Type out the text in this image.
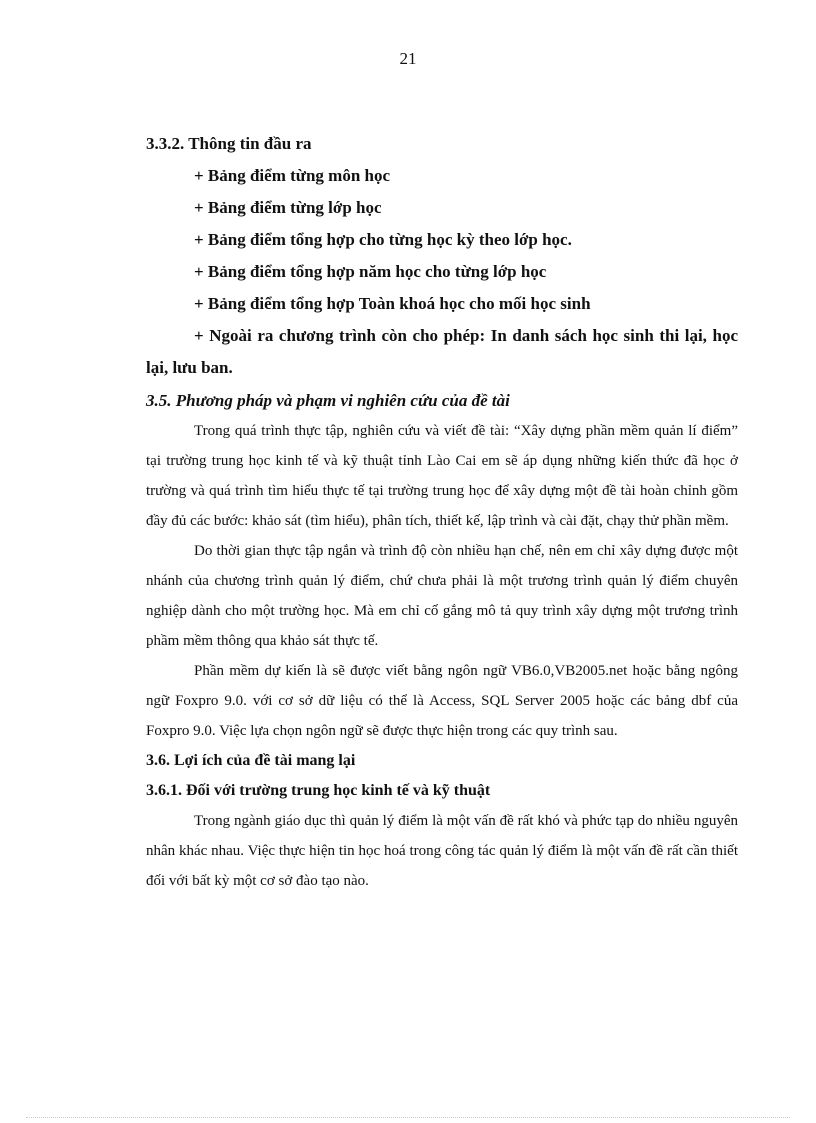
21

3.3.2. Thông tin đầu ra

+ Bảng điểm từng môn học

+ Bảng điểm từng lớp học

+ Bảng điểm tổng hợp cho từng học kỳ theo lớp học.

+ Bảng điểm tổng hợp năm học cho từng lớp học

+ Bảng điểm tổng hợp Toàn khoá học cho mối học sinh

+ Ngoài ra chương trình còn cho phép: In danh sách học sinh thi lại, học lại, lưu ban.

3.5. Phương pháp và phạm vi nghiên cứu của đề tài

Trong quá trình thực tập, nghiên cứu và viết đề tài: “Xây dựng phần mềm quản lí điểm” tại trường trung học kinh tế và kỹ thuật tỉnh Lào Cai em sẽ áp dụng những kiến thức đã học ở trường và quá trình tìm hiểu thực tế tại trường trung học để xây dựng một đề tài hoàn chỉnh gồm đầy đủ các bước: khảo sát (tìm hiểu), phân tích, thiết kế, lập trình và cài đặt, chạy thử phần mềm.

Do thời gian thực tập ngắn và trình độ còn nhiều hạn chế, nên em chỉ xây dựng được một nhánh của chương trình quản lý điểm, chứ chưa phải là một trương trình quản lý điểm chuyên nghiệp dành cho một trường học. Mà em chỉ cố gắng mô tả quy trình xây dựng một trương trình phầm mềm thông qua khảo sát thực tế.

Phần mềm dự kiến là sẽ được viết bằng ngôn ngữ VB6.0,VB2005.net hoặc bằng ngông ngữ Foxpro 9.0. với cơ sở dữ liệu có thể là Access, SQL Server 2005 hoặc các bảng dbf của Foxpro 9.0. Việc lựa chọn ngôn ngữ sẽ được thực hiện trong các quy trình sau.

3.6. Lợi ích của đề tài mang lại

3.6.1. Đối với trường trung học kinh tế và kỹ thuật

Trong ngành giáo dục thì quản lý điểm là một vấn đề rất khó và phức tạp do nhiều nguyên nhân khác nhau. Việc thực hiện tin học hoá trong công tác quản lý điểm là một vấn đề rất cần thiết đối với bất kỳ một cơ sở đào tạo nào.
